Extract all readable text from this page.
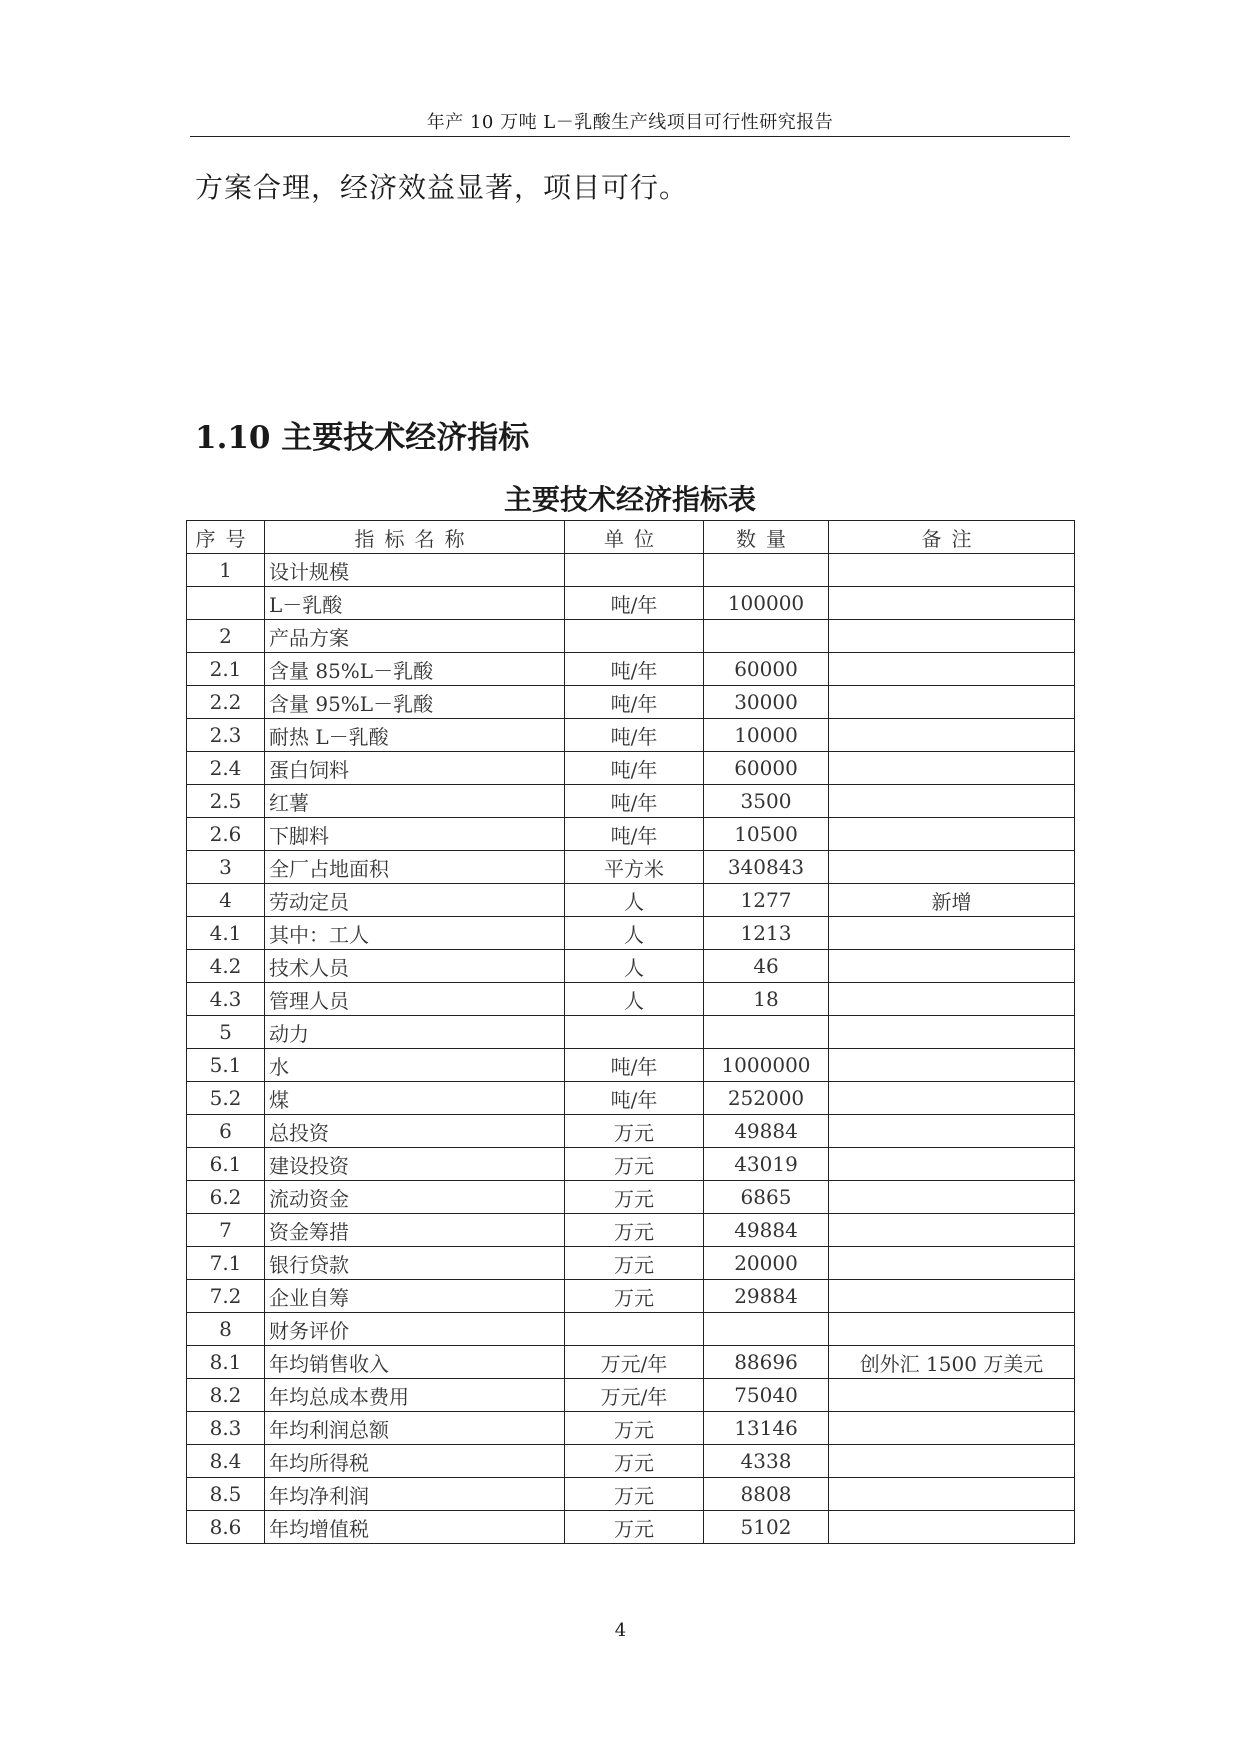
年产 10 万吨 L－乳酸生产线项目可行性研究报告
方案合理，经济效益显著，项目可行。
1.10 主要技术经济指标
主要技术经济指标表
序号	指标名称	单位	数量	备注
1	设计规模			
	L－乳酸	吨/年	100000	
2	产品方案			
2.1	含量 85%L－乳酸	吨/年	60000	
2.2	含量 95%L－乳酸	吨/年	30000	
2.3	耐热 L－乳酸	吨/年	10000	
2.4	蛋白饲料	吨/年	60000	
2.5	红薯	吨/年	3500	
2.6	下脚料	吨/年	10500	
3	全厂占地面积	平方米	340843	
4	劳动定员	人	1277	新增
4.1	其中：工人	人	1213	
4.2	技术人员	人	46	
4.3	管理人员	人	18	
5	动力			
5.1	水	吨/年	1000000	
5.2	煤	吨/年	252000	
6	总投资	万元	49884	
6.1	建设投资	万元	43019	
6.2	流动资金	万元	6865	
7	资金筹措	万元	49884	
7.1	银行贷款	万元	20000	
7.2	企业自筹	万元	29884	
8	财务评价			
8.1	年均销售收入	万元/年	88696	创外汇 1500 万美元
8.2	年均总成本费用	万元/年	75040	
8.3	年均利润总额	万元	13146	
8.4	年均所得税	万元	4338	
8.5	年均净利润	万元	8808	
8.6	年均增值税	万元	5102	
4
